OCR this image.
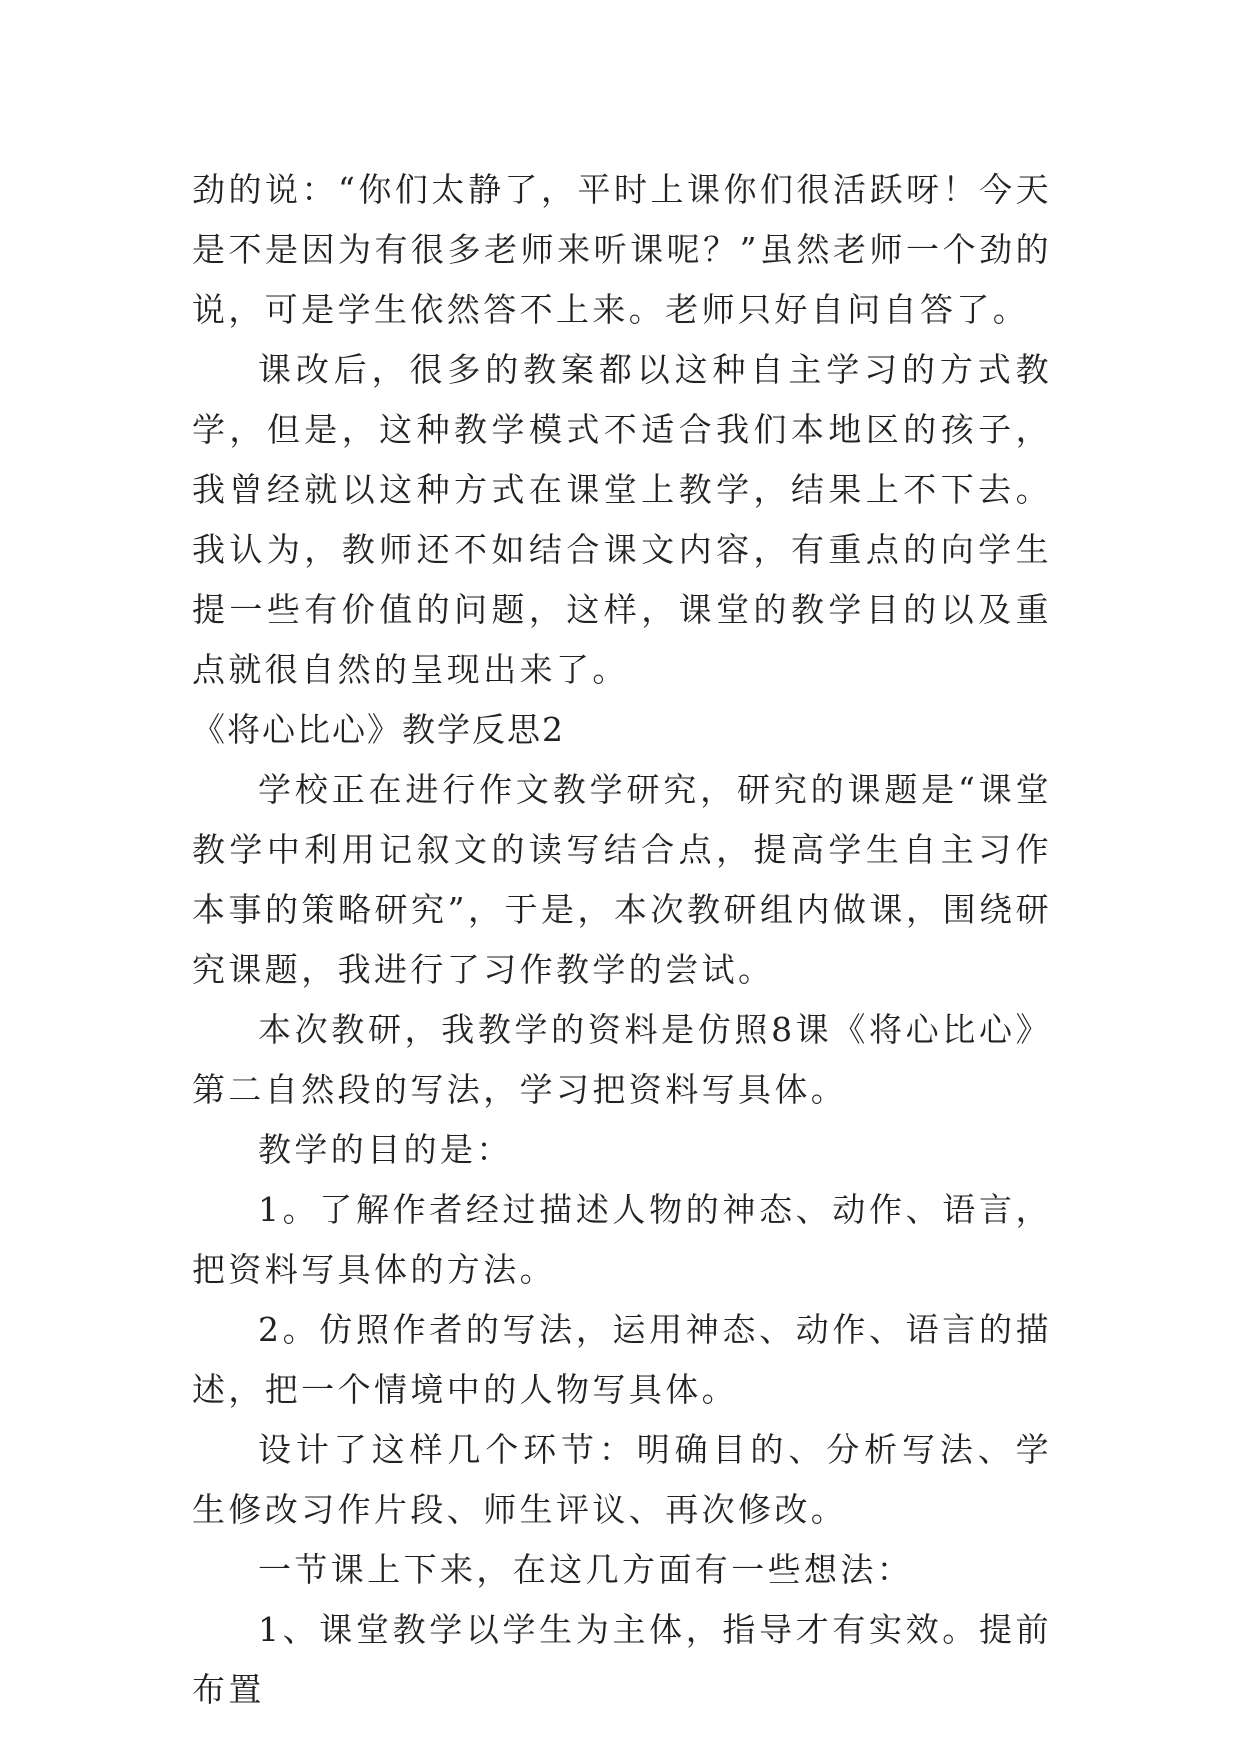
劲的说：“你们太静了，平时上课你们很活跃呀！今天是不是因为有很多老师来听课呢？”虽然老师一个劲的说，可是学生依然答不上来。老师只好自问自答了。

课改后，很多的教案都以这种自主学习的方式教学，但是，这种教学模式不适合我们本地区的孩子，我曾经就以这种方式在课堂上教学，结果上不下去。我认为，教师还不如结合课文内容，有重点的向学生提一些有价值的问题，这样，课堂的教学目的以及重点就很自然的呈现出来了。

《将心比心》教学反思2

学校正在进行作文教学研究，研究的课题是“课堂教学中利用记叙文的读写结合点，提高学生自主习作本事的策略研究”，于是，本次教研组内做课，围绕研究课题，我进行了习作教学的尝试。

本次教研，我教学的资料是仿照8课《将心比心》第二自然段的写法，学习把资料写具体。

教学的目的是：

1。了解作者经过描述人物的神态、动作、语言，把资料写具体的方法。

2。仿照作者的写法，运用神态、动作、语言的描述，把一个情境中的人物写具体。

设计了这样几个环节：明确目的、分析写法、学生修改习作片段、师生评议、再次修改。

一节课上下来，在这几方面有一些想法：

1、课堂教学以学生为主体，指导才有实效。提前布置
